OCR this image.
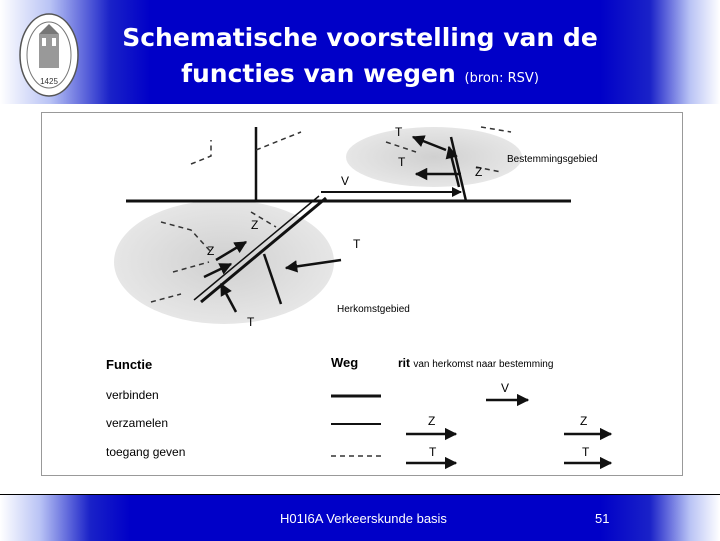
1425
Schematische voorstelling van de
functies van wegen (bron: RSV)
T
T
Z
V
Z
Z	T
T
Bestemmingsgebied
Herkomstgebied
Functie	Weg	rit van herkomst naar bestemming
verbinden	V
verzamelen	Z	Z
toegang geven	T	T
H01I6A Verkeerskunde basis	51
